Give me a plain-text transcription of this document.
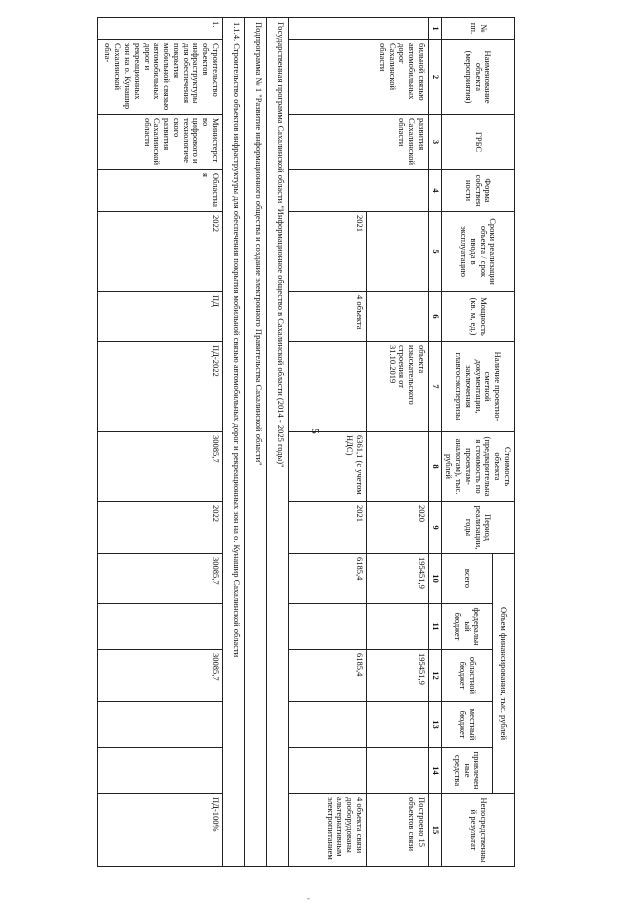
5
-
№ пп.	Наименование объекта (мероприятия)	ГРБС	Форма собственности	Сроки реализации объекта / срок ввода в эксплуатацию	Мощность (кв. м, ед.)	Наличие проектно-сметной документации, заключения главгосэкспертизы	Стоимость объекта (предварительная стоимость по проектам-аналогам), тыс. рублей	Период реализации, годы	Объем финансирования, тыс. рублей					Непосредственный результат
									всего	федеральный бюджет	областной бюджет	местный бюджет	привлеченные средства	
1	2	3	4	5	6	7	8	9	10	11	12	13	14	15
	бильной связью автомобильных дорог Сахалинской области	развития Сахалинской области				объекта изыскательского строения от 31.10.2019		2020	195451,9		195451,9			Построено 15 объектов связи
				2021	4 объекта		6361,1 (с учетом НДС)	2021	6185,4		6185,4			4 объекта связи дооборудованы альтернативным электропитанием
Государственная программа Сахалинской области "Информационное общество в Сахалинской области (2014 - 2025 годы)"														
Подпрограмма № 1 "Развитие информационного общества и создание электронного Правительства Сахалинской области"														
1.1.4. Строительство объектов инфраструктуры для обеспечения покрытия мобильной связью автомобильных дорог и рекреационных зон на о. Кунашир Сахалинской области														
1.	Строительство объектов инфраструктуры для обеспечения покрытия мобильной связью автомобильных дорог и рекреационных зон на о. Кунашир Сахалинской обла-	Министерство цифрового и технологического развития Сахалинской области	Областная	2022	ПД	ПД-2022	30085,7	2022	30085,7		30085,7			ПД-100%
